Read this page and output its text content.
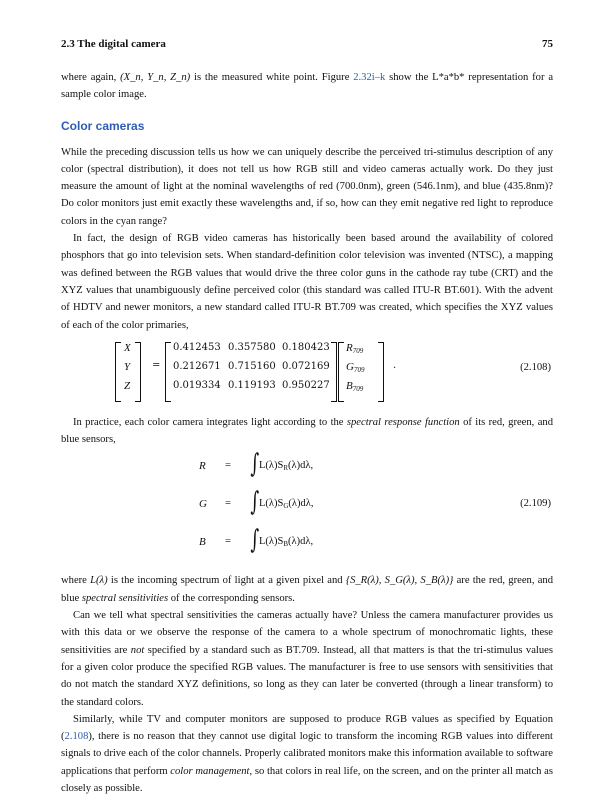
2.3 The digital camera	75

where again, (X_n, Y_n, Z_n) is the measured white point. Figure 2.32i–k show the L*a*b* representation for a sample color image.

Color cameras

While the preceding discussion tells us how we can uniquely describe the perceived tri-stimulus description of any color (spectral distribution), it does not tell us how RGB still and video cameras actually work. Do they just measure the amount of light at the nominal wavelengths of red (700.0nm), green (546.1nm), and blue (435.8nm)? Do color monitors just emit exactly these wavelengths and, if so, how can they emit negative red light to reproduce colors in the cyan range?

In fact, the design of RGB video cameras has historically been based around the availability of colored phosphors that go into television sets. When standard-definition color television was invented (NTSC), a mapping was defined between the RGB values that would drive the three color guns in the cathode ray tube (CRT) and the XYZ values that unambiguously define perceived color (this standard was called ITU-R BT.601). With the advent of HDTV and newer monitors, a new standard called ITU-R BT.709 was created, which specifies the XYZ values of each of the color primaries,

X
Y
Z
=
0.412453 0.357580 0.180423
0.212671 0.715160 0.072169
0.019334 0.119193 0.950227
$R_{709}$
$G_{709}$
$B_{709}$
.	(2.108)

In practice, each color camera integrates light according to the spectral response function of its red, green, and blue sensors,

R = ∫ $L(\lambda)S_R(\lambda)d\lambda$,
G = ∫ $L(\lambda)S_G(\lambda)d\lambda$,
B = ∫ $L(\lambda)S_B(\lambda)d\lambda$,
(2.109)

where L(λ) is the incoming spectrum of light at a given pixel and {S_R(λ), S_G(λ), S_B(λ)} are the red, green, and blue spectral sensitivities of the corresponding sensors.

Can we tell what spectral sensitivities the cameras actually have? Unless the camera manufacturer provides us with this data or we observe the response of the camera to a whole spectrum of monochromatic lights, these sensitivities are not specified by a standard such as BT.709. Instead, all that matters is that the tri-stimulus values for a given color produce the specified RGB values. The manufacturer is free to use sensors with sensitivities that do not match the standard XYZ definitions, so long as they can later be converted (through a linear transform) to the standard colors.

Similarly, while TV and computer monitors are supposed to produce RGB values as specified by Equation (2.108), there is no reason that they cannot use digital logic to transform the incoming RGB values into different signals to drive each of the color channels. Properly calibrated monitors make this information available to software applications that perform color management, so that colors in real life, on the screen, and on the printer all match as closely as possible.
